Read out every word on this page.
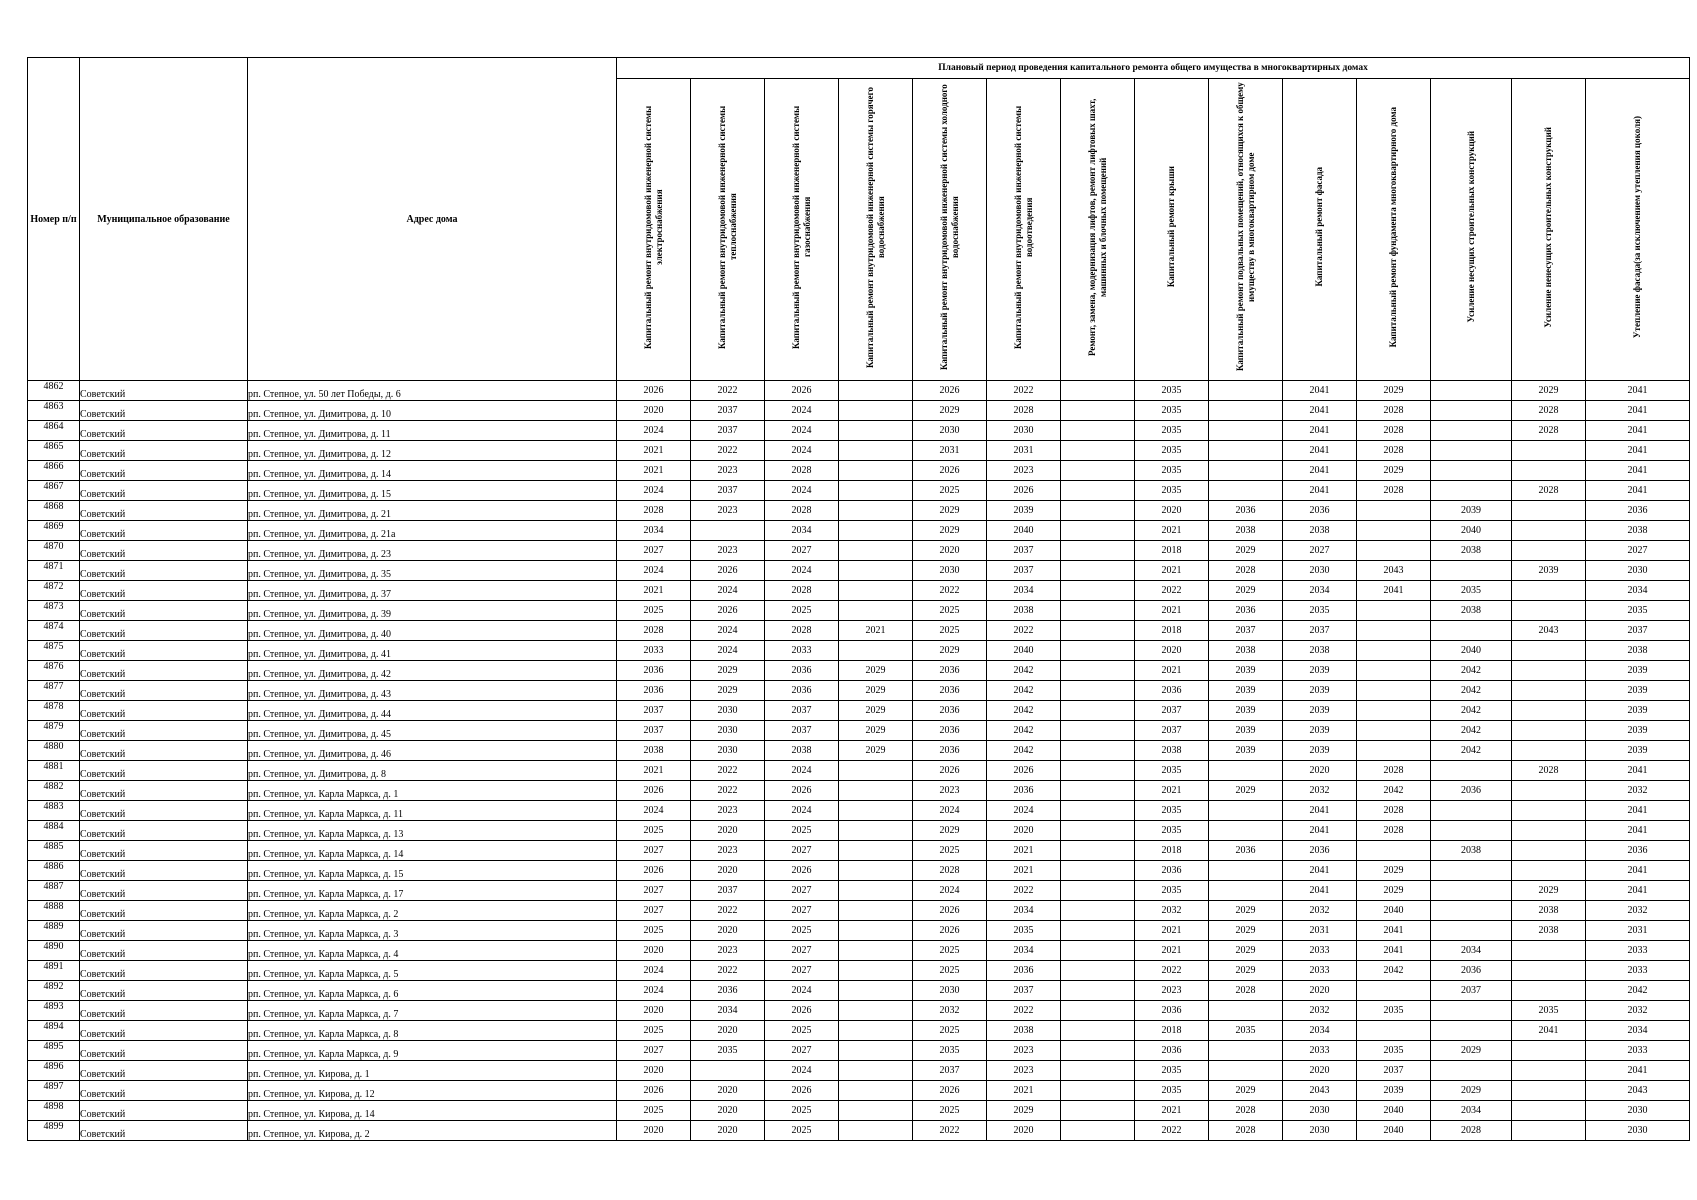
Номер п/п	Муниципальное образование	Адрес дома	Плановый период проведения капитального ремонта общего имущества в многоквартирных домах													
			Капитальный ремонт внутридомовой инженерной системы электроснабжения	Капитальный ремонт внутридомовой инженерной системы теплоснабжения	Капитальный ремонт внутридомовой инженерной системы газоснабжения	Капитальный ремонт внутридомовой инженерной системы горячего водоснабжения	Капитальный ремонт внутридомовой инженерной системы холодного водоснабжения	Капитальный ремонт внутридомовой инженерной системы водоотведения	Ремонт, замена, модернизация лифтов, ремонт лифтовых шахт, машинных и блочных помещений	Капитальный ремонт крыши	Капитальный ремонт подвальных помещений, относящихся к общему имуществу в многоквартирном доме	Капитальный ремонт фасада	Капитальный ремонт фундамента многоквартирного дома	Усиление несущих строительных конструкций	Усиление ненесущих строительных конструкций	Утепление фасада(за исключением утепления цоколя)
4862	Советский	рп. Степное, ул. 50 лет Победы, д. 6	2026	2022	2026		2026	2022		2035		2041	2029		2029	2041
4863	Советский	рп. Степное, ул. Димитрова, д. 10	2020	2037	2024		2029	2028		2035		2041	2028		2028	2041
4864	Советский	рп. Степное, ул. Димитрова, д. 11	2024	2037	2024		2030	2030		2035		2041	2028		2028	2041
4865	Советский	рп. Степное, ул. Димитрова, д. 12	2021	2022	2024		2031	2031		2035		2041	2028			2041
4866	Советский	рп. Степное, ул. Димитрова, д. 14	2021	2023	2028		2026	2023		2035		2041	2029			2041
4867	Советский	рп. Степное, ул. Димитрова, д. 15	2024	2037	2024		2025	2026		2035		2041	2028		2028	2041
4868	Советский	рп. Степное, ул. Димитрова, д. 21	2028	2023	2028		2029	2039		2020	2036	2036		2039		2036
4869	Советский	рп. Степное, ул. Димитрова, д. 21а	2034		2034		2029	2040		2021	2038	2038		2040		2038
4870	Советский	рп. Степное, ул. Димитрова, д. 23	2027	2023	2027		2020	2037		2018	2029	2027		2038		2027
4871	Советский	рп. Степное, ул. Димитрова, д. 35	2024	2026	2024		2030	2037		2021	2028	2030	2043		2039	2030
4872	Советский	рп. Степное, ул. Димитрова, д. 37	2021	2024	2028		2022	2034		2022	2029	2034	2041	2035		2034
4873	Советский	рп. Степное, ул. Димитрова, д. 39	2025	2026	2025		2025	2038		2021	2036	2035		2038		2035
4874	Советский	рп. Степное, ул. Димитрова, д. 40	2028	2024	2028	2021	2025	2022		2018	2037	2037			2043	2037
4875	Советский	рп. Степное, ул. Димитрова, д. 41	2033	2024	2033		2029	2040		2020	2038	2038		2040		2038
4876	Советский	рп. Степное, ул. Димитрова, д. 42	2036	2029	2036	2029	2036	2042		2021	2039	2039		2042		2039
4877	Советский	рп. Степное, ул. Димитрова, д. 43	2036	2029	2036	2029	2036	2042		2036	2039	2039		2042		2039
4878	Советский	рп. Степное, ул. Димитрова, д. 44	2037	2030	2037	2029	2036	2042		2037	2039	2039		2042		2039
4879	Советский	рп. Степное, ул. Димитрова, д. 45	2037	2030	2037	2029	2036	2042		2037	2039	2039		2042		2039
4880	Советский	рп. Степное, ул. Димитрова, д. 46	2038	2030	2038	2029	2036	2042		2038	2039	2039		2042		2039
4881	Советский	рп. Степное, ул. Димитрова, д. 8	2021	2022	2024		2026	2026		2035		2020	2028		2028	2041
4882	Советский	рп. Степное, ул. Карла Маркса, д. 1	2026	2022	2026		2023	2036		2021	2029	2032	2042	2036		2032
4883	Советский	рп. Степное, ул. Карла Маркса, д. 11	2024	2023	2024		2024	2024		2035		2041	2028			2041
4884	Советский	рп. Степное, ул. Карла Маркса, д. 13	2025	2020	2025		2029	2020		2035		2041	2028			2041
4885	Советский	рп. Степное, ул. Карла Маркса, д. 14	2027	2023	2027		2025	2021		2018	2036	2036		2038		2036
4886	Советский	рп. Степное, ул. Карла Маркса, д. 15	2026	2020	2026		2028	2021		2036		2041	2029			2041
4887	Советский	рп. Степное, ул. Карла Маркса, д. 17	2027	2037	2027		2024	2022		2035		2041	2029		2029	2041
4888	Советский	рп. Степное, ул. Карла Маркса, д. 2	2027	2022	2027		2026	2034		2032	2029	2032	2040		2038	2032
4889	Советский	рп. Степное, ул. Карла Маркса, д. 3	2025	2020	2025		2026	2035		2021	2029	2031	2041		2038	2031
4890	Советский	рп. Степное, ул. Карла Маркса, д. 4	2020	2023	2027		2025	2034		2021	2029	2033	2041	2034		2033
4891	Советский	рп. Степное, ул. Карла Маркса, д. 5	2024	2022	2027		2025	2036		2022	2029	2033	2042	2036		2033
4892	Советский	рп. Степное, ул. Карла Маркса, д. 6	2024	2036	2024		2030	2037		2023	2028	2020		2037		2042
4893	Советский	рп. Степное, ул. Карла Маркса, д. 7	2020	2034	2026		2032	2022		2036		2032	2035		2035	2032
4894	Советский	рп. Степное, ул. Карла Маркса, д. 8	2025	2020	2025		2025	2038		2018	2035	2034			2041	2034
4895	Советский	рп. Степное, ул. Карла Маркса, д. 9	2027	2035	2027		2035	2023		2036		2033	2035	2029		2033
4896	Советский	рп. Степное, ул. Кирова, д. 1	2020		2024		2037	2023		2035		2020	2037			2041
4897	Советский	рп. Степное, ул. Кирова, д. 12	2026	2020	2026		2026	2021		2035	2029	2043	2039	2029		2043
4898	Советский	рп. Степное, ул. Кирова, д. 14	2025	2020	2025		2025	2029		2021	2028	2030	2040	2034		2030
4899	Советский	рп. Степное, ул. Кирова, д. 2	2020	2020	2025		2022	2020		2022	2028	2030	2040	2028		2030
